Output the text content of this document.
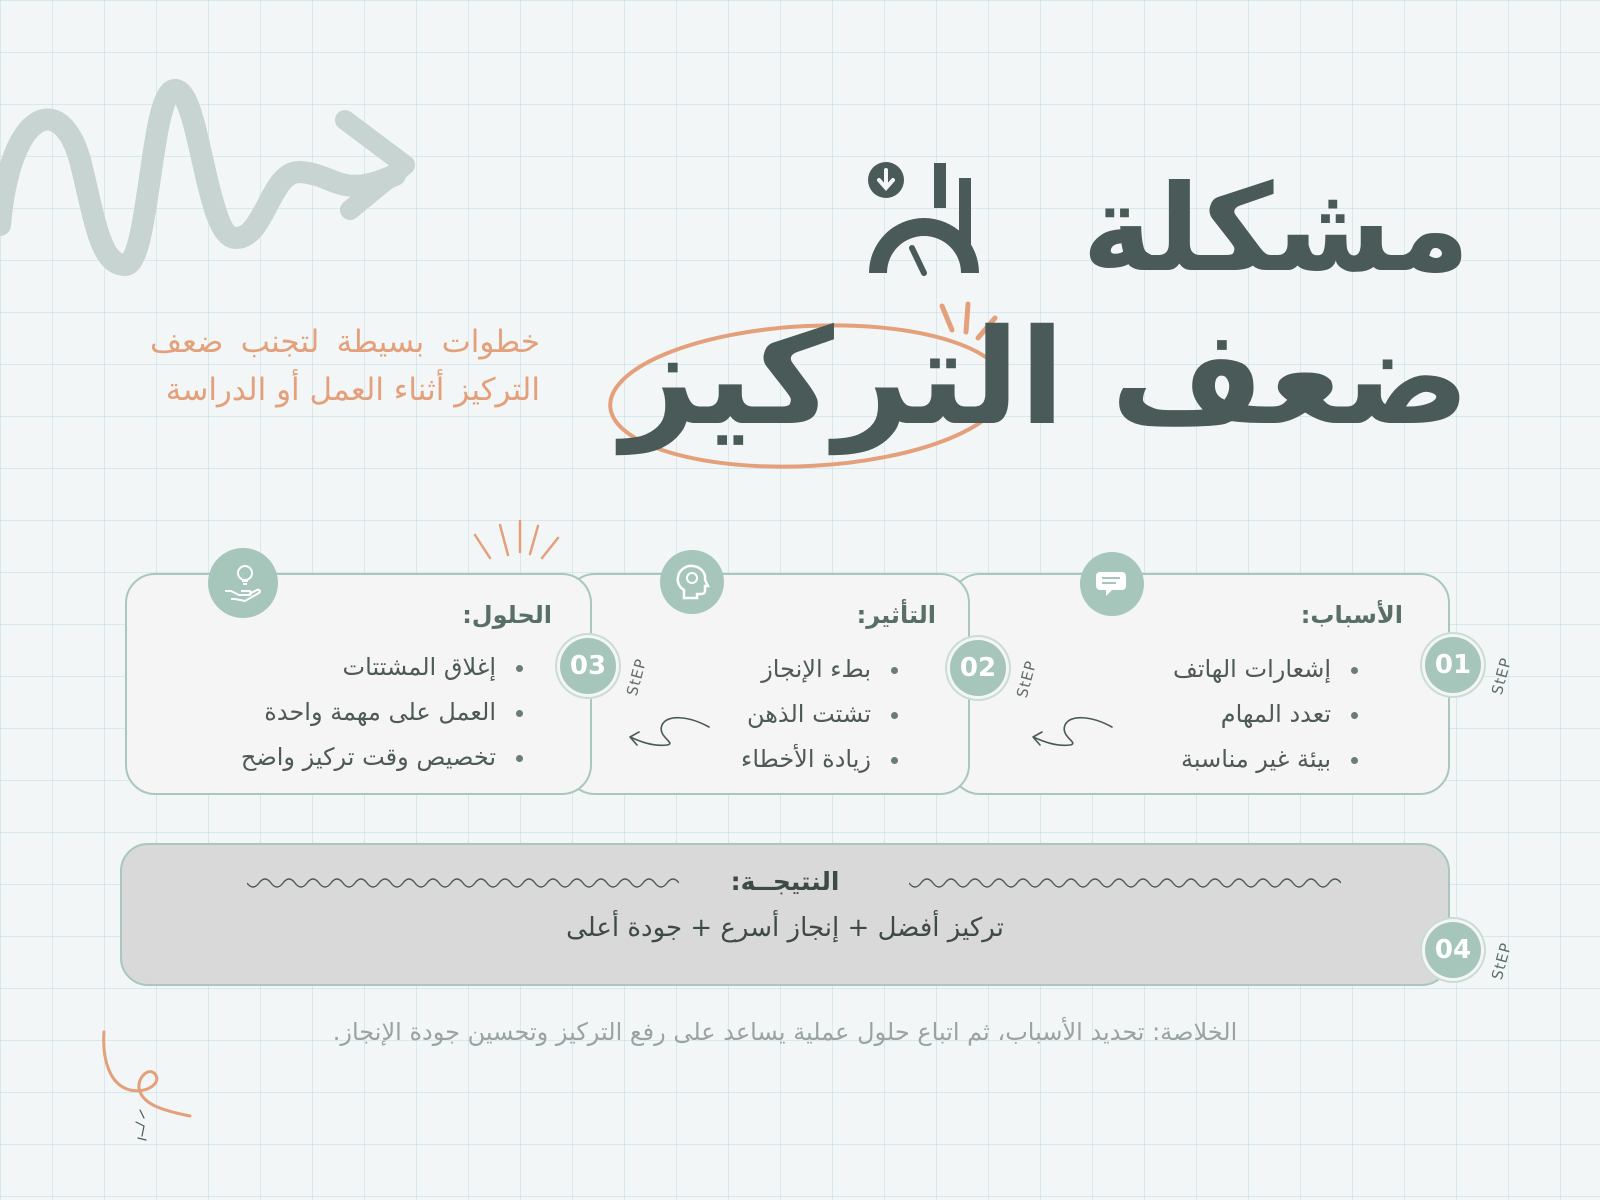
مشكلة
ضعف التركيز
خطوات بسيطة لتجنب ضعف التركيز أثناء العمل أو الدراسة
الأسباب:
إشعارات الهاتف
تعدد المهام
بيئة غير مناسبة
01	StEP
التأثير:
بطء الإنجاز
تشتت الذهن
زيادة الأخطاء
02	StEP
الحلول:
إغلاق المشتتات
العمل على مهمة واحدة
تخصيص وقت تركيز واضح
03	StEP
النتيجــة:
تركيز أفضل + إنجاز أسرع + جودة أعلى
04	StEP
الخلاصة: تحديد الأسباب، ثم اتباع حلول عملية يساعد على رفع التركيز وتحسين جودة الإنجاز.
